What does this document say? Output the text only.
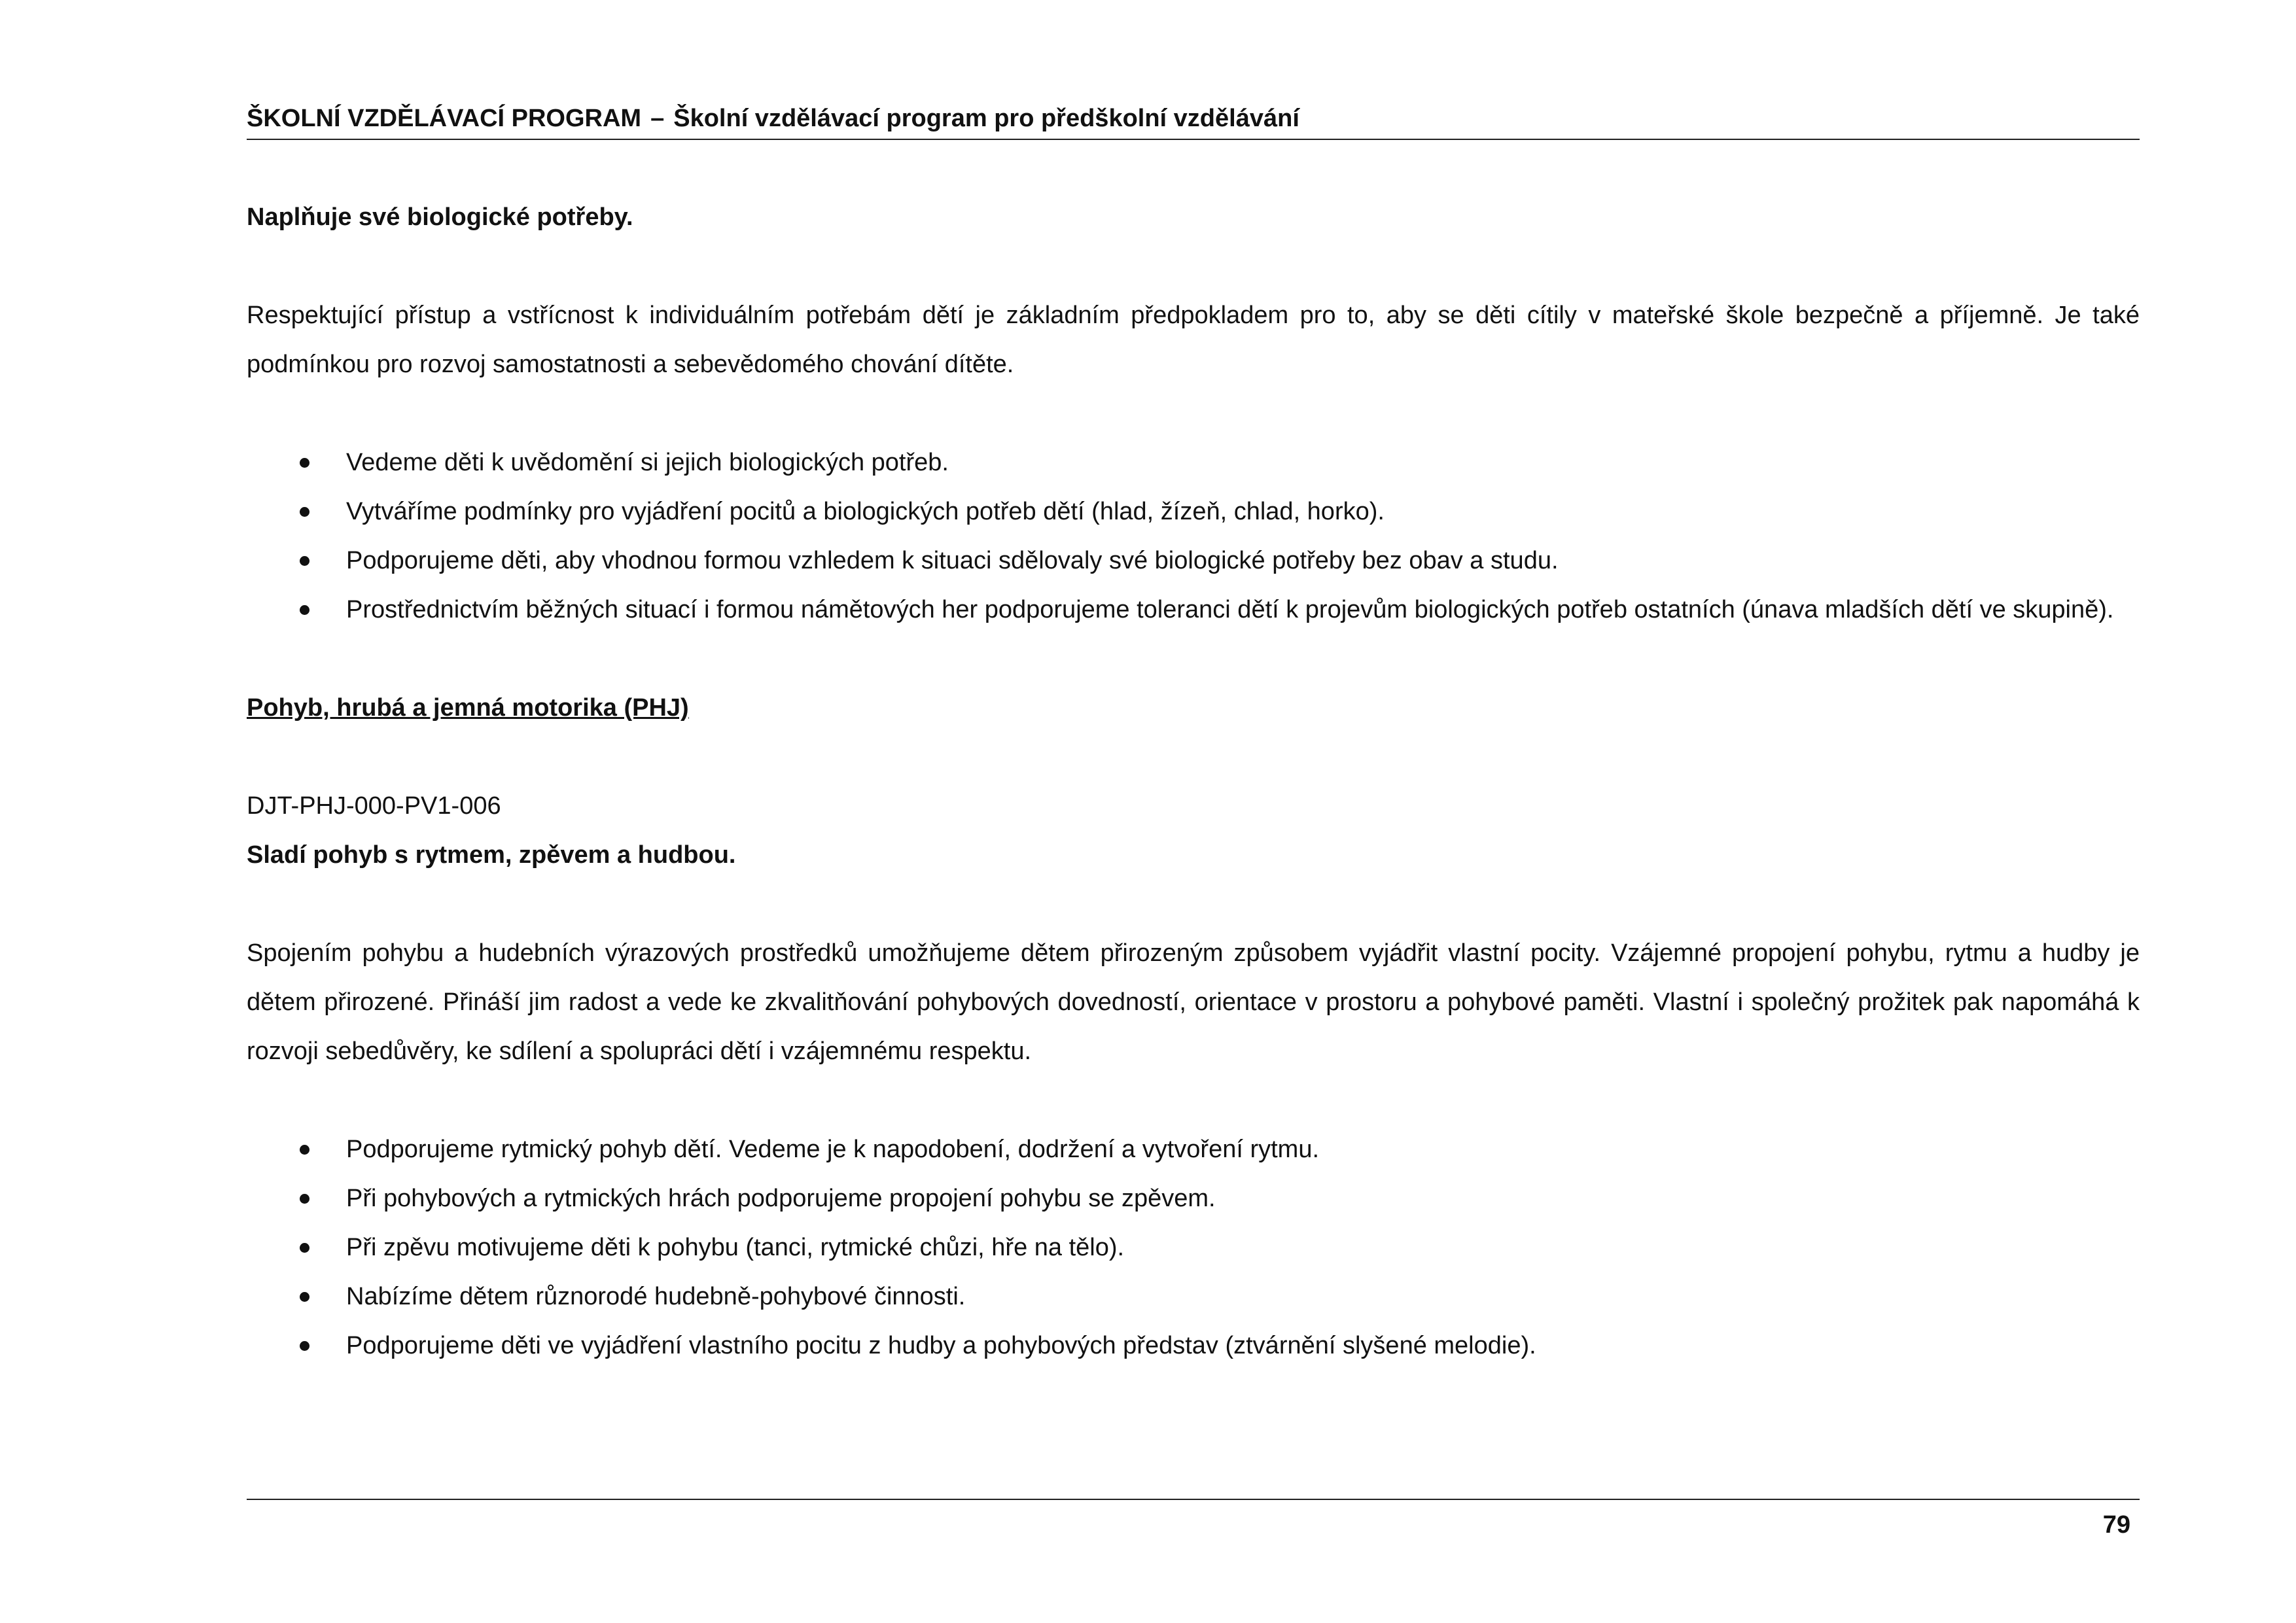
ŠKOLNÍ VZDĚLÁVACÍ PROGRAM – Školní vzdělávací program pro předškolní vzdělávání

Naplňuje své biologické potřeby.

Respektující přístup a vstřícnost k individuálním potřebám dětí je základním předpokladem pro to, aby se děti cítily v mateřské škole bezpečně a příjemně. Je také podmínkou pro rozvoj samostatnosti a sebevědomého chování dítěte.

Vedeme děti k uvědomění si jejich biologických potřeb.
Vytváříme podmínky pro vyjádření pocitů a biologických potřeb dětí (hlad, žízeň, chlad, horko).
Podporujeme děti, aby vhodnou formou vzhledem k situaci sdělovaly své biologické potřeby bez obav a studu.
Prostřednictvím běžných situací i formou námětových her podporujeme toleranci dětí k projevům biologických potřeb ostatních (únava mladších dětí ve skupině).

Pohyb, hrubá a jemná motorika (PHJ)

DJT-PHJ-000-PV1-006

Sladí pohyb s rytmem, zpěvem a hudbou.

Spojením pohybu a hudebních výrazových prostředků umožňujeme dětem přirozeným způsobem vyjádřit vlastní pocity. Vzájemné propojení pohybu, rytmu a hudby je dětem přirozené. Přináší jim radost a vede ke zkvalitňování pohybových dovedností, orientace v prostoru a pohybové paměti. Vlastní i společný prožitek pak napomáhá k rozvoji sebedůvěry, ke sdílení a spolupráci dětí i vzájemnému respektu.

Podporujeme rytmický pohyb dětí. Vedeme je k napodobení, dodržení a vytvoření rytmu.
Při pohybových a rytmických hrách podporujeme propojení pohybu se zpěvem.
Při zpěvu motivujeme děti k pohybu (tanci, rytmické chůzi, hře na tělo).
Nabízíme dětem různorodé hudebně-pohybové činnosti.
Podporujeme děti ve vyjádření vlastního pocitu z hudby a pohybových představ (ztvárnění slyšené melodie).
79
